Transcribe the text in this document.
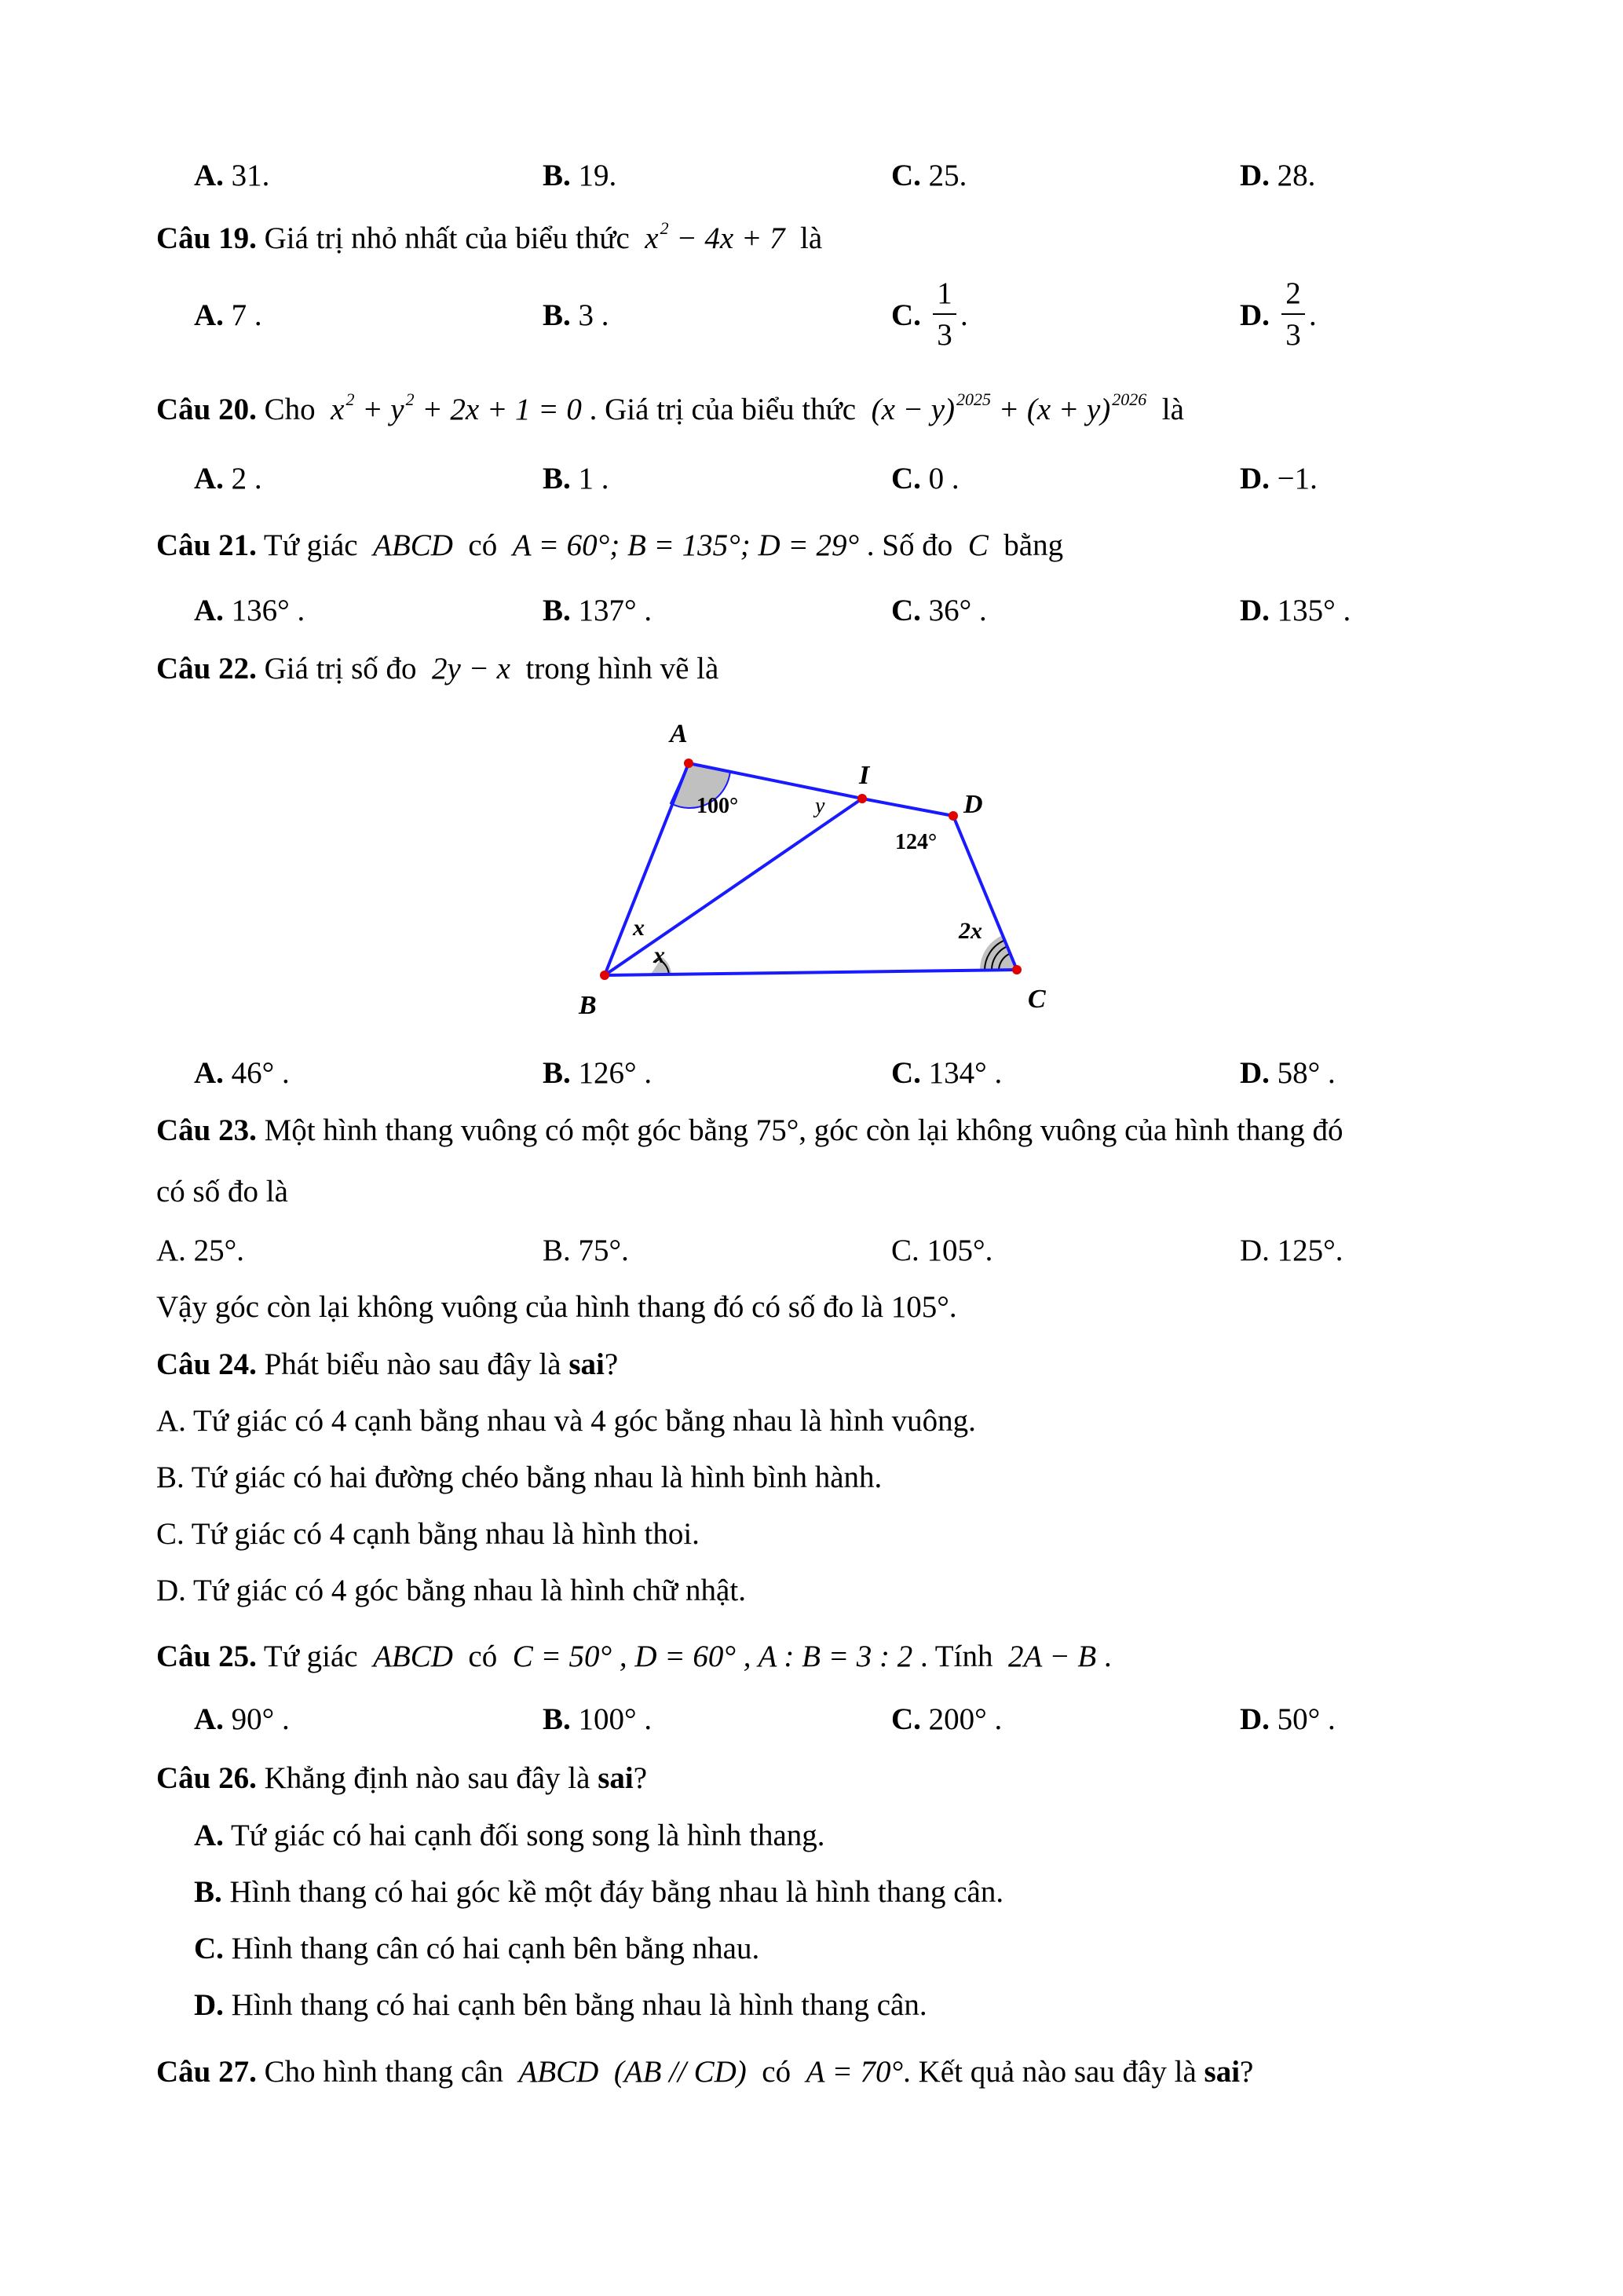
A. 31.	B. 19.	C. 25.	D. 28.
Câu 19. Giá trị nhỏ nhất của biểu thức $x^2 - 4x + 7$ là
A. 7 .	B. 3 .	C.
1
3
.	D.
2
3
.
Câu 20. Cho $x^2 + y^2 + 2x + 1 = 0$ . Giá trị của biểu thức $(x - y)^{2025} + (x + y)^{2026}$ là
A. 2 .	B. 1 .	C. 0 .	D. −1.
Câu 21. Tứ giác ABCD có A = 60°; B = 135°; D = 29° . Số đo C bằng
A. 136° .	B. 137° .	C. 36° .	D. 135° .
Câu 22. Giá trị số đo 2y − x trong hình vẽ là
A
I
D
C
B
100°	y
124°
x
x
2x
A. 46° .	B. 126° .	C. 134° .	D. 58° .
Câu 23. Một hình thang vuông có một góc bằng 75°, góc còn lại không vuông của hình thang đó
có số đo là
A. 25°.	B. 75°.	C. 105°.	D. 125°.
Vậy góc còn lại không vuông của hình thang đó có số đo là 105°.
Câu 24. Phát biểu nào sau đây là sai?
A. Tứ giác có 4 cạnh bằng nhau và 4 góc bằng nhau là hình vuông.
B. Tứ giác có hai đường chéo bằng nhau là hình bình hành.
C. Tứ giác có 4 cạnh bằng nhau là hình thoi.
D. Tứ giác có 4 góc bằng nhau là hình chữ nhật.
Câu 25. Tứ giác ABCD có C = 50° , D = 60° , A : B = 3 : 2 . Tính 2A − B .
A. 90° .	B. 100° .	C. 200° .	D. 50° .
Câu 26. Khẳng định nào sau đây là sai?
A. Tứ giác có hai cạnh đối song song là hình thang.
B. Hình thang có hai góc kề một đáy bằng nhau là hình thang cân.
C. Hình thang cân có hai cạnh bên bằng nhau.
D. Hình thang có hai cạnh bên bằng nhau là hình thang cân.
Câu 27. Cho hình thang cân ABCD (AB // CD) có A = 70°. Kết quả nào sau đây là sai?
